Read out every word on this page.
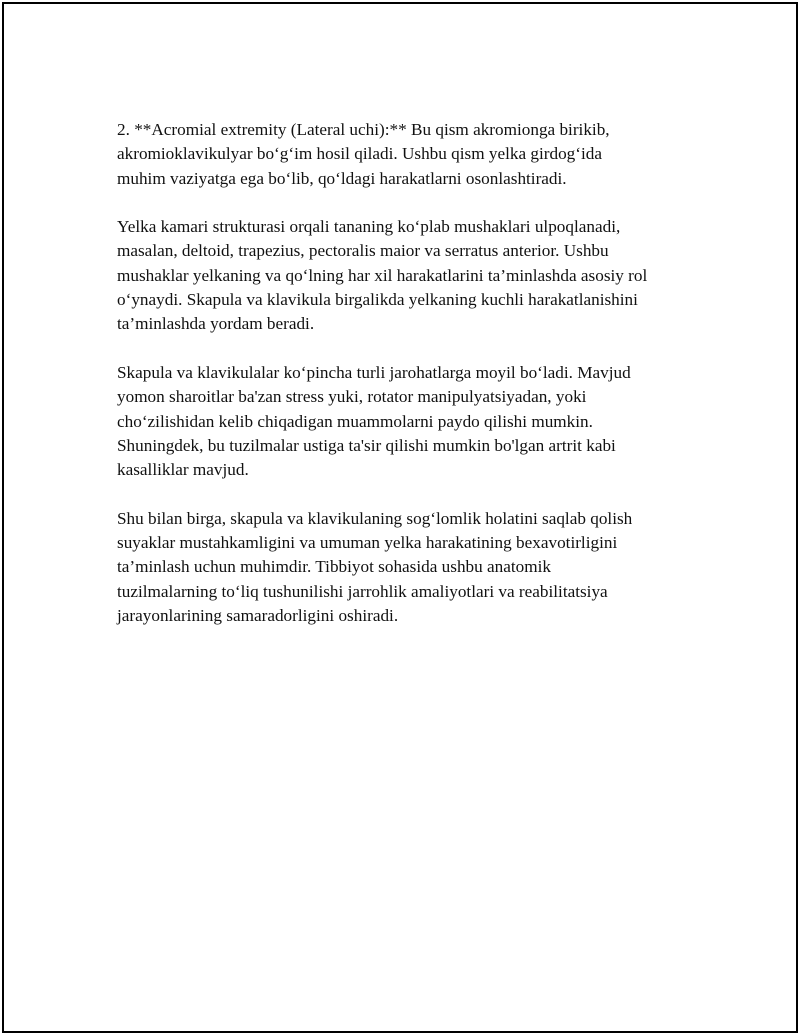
2. **Acromial extremity (Lateral uchi):** Bu qism akromionga birikib,
akromioklavikulyar bo‘g‘im hosil qiladi. Ushbu qism yelka girdog‘ida
muhim vaziyatga ega bo‘lib, qo‘ldagi harakatlarni osonlashtiradi.

Yelka kamari strukturasi orqali tananing ko‘plab mushaklari ulpoqlanadi,
masalan, deltoid, trapezius, pectoralis maior va serratus anterior. Ushbu
mushaklar yelkaning va qo‘lning har xil harakatlarini ta’minlashda asosiy rol
o‘ynaydi. Skapula va klavikula birgalikda yelkaning kuchli harakatlanishini
ta’minlashda yordam beradi.

Skapula va klavikulalar ko‘pincha turli jarohatlarga moyil bo‘ladi. Mavjud
yomon sharoitlar ba'zan stress yuki, rotator manipulyatsiyadan, yoki
cho‘zilishidan kelib chiqadigan muammolarni paydo qilishi mumkin.
Shuningdek, bu tuzilmalar ustiga ta'sir qilishi mumkin bo'lgan artrit kabi
kasalliklar mavjud.

Shu bilan birga, skapula va klavikulaning sog‘lomlik holatini saqlab qolish
suyaklar mustahkamligini va umuman yelka harakatining bexavotirligini
ta’minlash uchun muhimdir. Tibbiyot sohasida ushbu anatomik
tuzilmalarning to‘liq tushunilishi jarrohlik amaliyotlari va reabilitatsiya
jarayonlarining samaradorligini oshiradi.
